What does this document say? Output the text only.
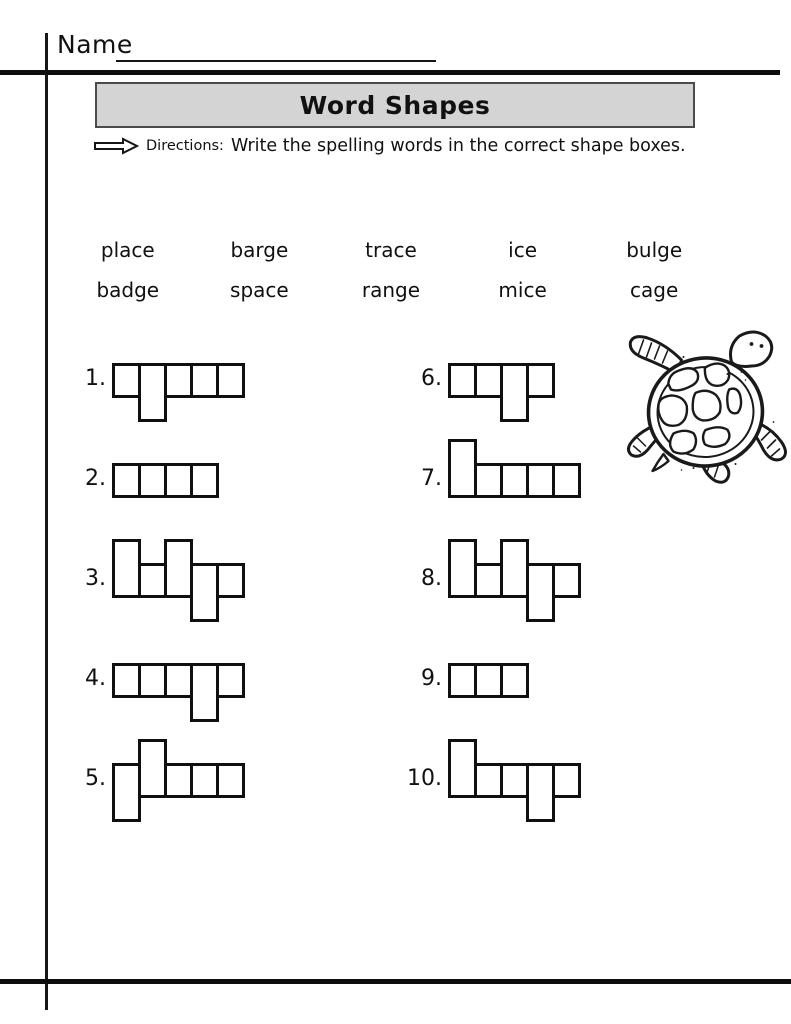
Name
Word Shapes
Directions: Write the spelling words in the correct shape boxes.
place	barge	trace	ice	bulge
badge	space	range	mice	cage
1.
2.
3.
4.
5.
6.
7.
8.
9.
10.
